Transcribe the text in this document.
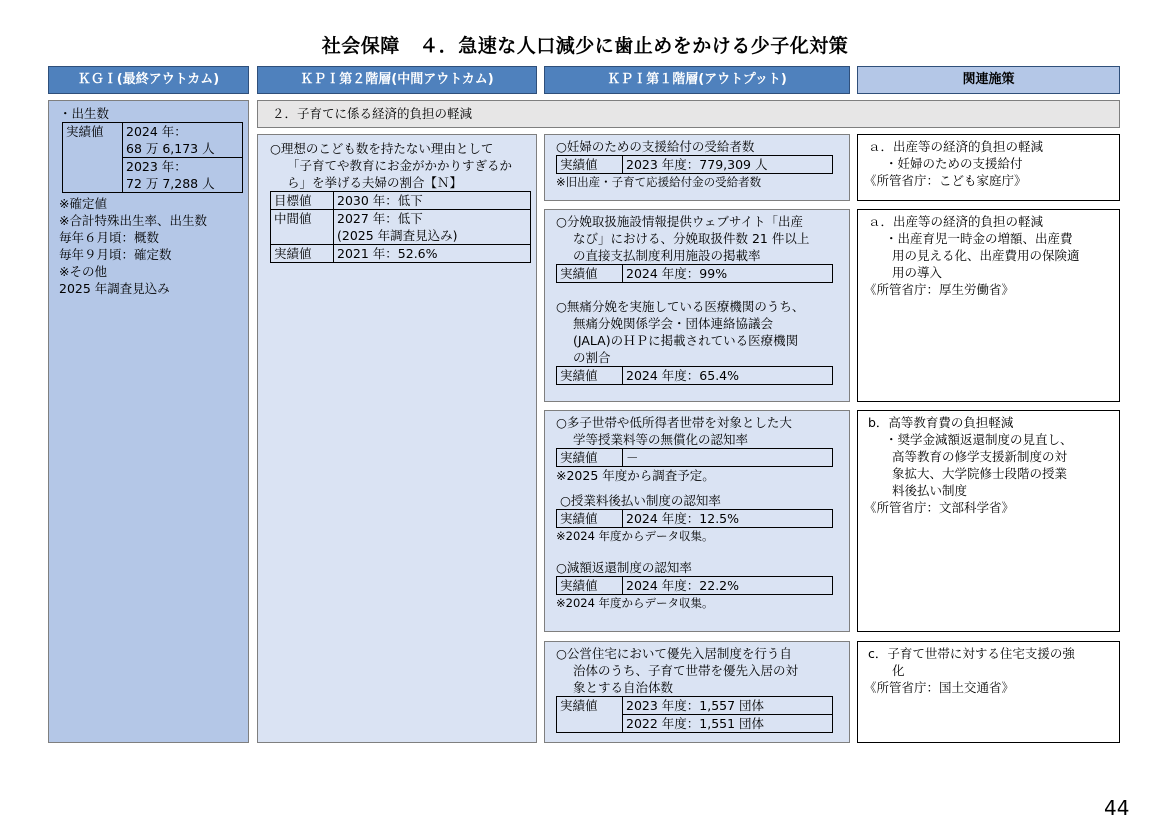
社会保障　４．急速な人口減少に歯止めをかける少子化対策
ＫＧＩ(最終アウトカム)	ＫＰＩ第２階層(中間アウトカム)	ＫＰＩ第１階層(アウトプット)	関連施策
・出生数
実績値	2024 年：
68 万 6,173 人
2023 年：
72 万 7,288 人
※確定値
※合計特殊出生率、出生数
毎年６月頃：概数
毎年９月頃：確定数
※その他
2025 年調査見込み
２．子育てに係る経済的負担の軽減
○理想のこども数を持たない理由として
「子育てや教育にお金がかかりすぎるか
ら」を挙げる夫婦の割合【Ｎ】
目標値	2030 年：低下
中間値	2027 年：低下
(2025 年調査見込み)
実績値	2021 年：52.6%
○妊婦のための支援給付の受給者数
実績値	2023 年度：779,309 人
※旧出産・子育て応援給付金の受給者数
○分娩取扱施設情報提供ウェブサイト「出産
なび」における、分娩取扱件数 21 件以上
の直接支払制度利用施設の掲載率
実績値	2024 年度：99%
○無痛分娩を実施している医療機関のうち、
無痛分娩関係学会・団体連絡協議会
(JALA)のＨＰに掲載されている医療機関
の割合
実績値	2024 年度：65.4%
○多子世帯や低所得者世帯を対象とした大
学等授業料等の無償化の認知率
実績値	－
※2025 年度から調査予定。
○授業料後払い制度の認知率
実績値	2024 年度：12.5%
※2024 年度からデータ収集。
○減額返還制度の認知率
実績値	2024 年度：22.2%
※2024 年度からデータ収集。
○公営住宅において優先入居制度を行う自
治体のうち、子育て世帯を優先入居の対
象とする自治体数
実績値	2023 年度：1,557 団体
2022 年度：1,551 団体
ａ．出産等の経済的負担の軽減
・妊婦のための支援給付
《所管省庁：こども家庭庁》
ａ．出産等の経済的負担の軽減
・出産育児一時金の増額、出産費
用の見える化、出産費用の保険適
用の導入
《所管省庁：厚生労働省》
b．高等教育費の負担軽減
・奨学金減額返還制度の見直し、
高等教育の修学支援新制度の対
象拡大、大学院修士段階の授業
料後払い制度
《所管省庁：文部科学省》
c．子育て世帯に対する住宅支援の強
化
《所管省庁：国土交通省》
44
